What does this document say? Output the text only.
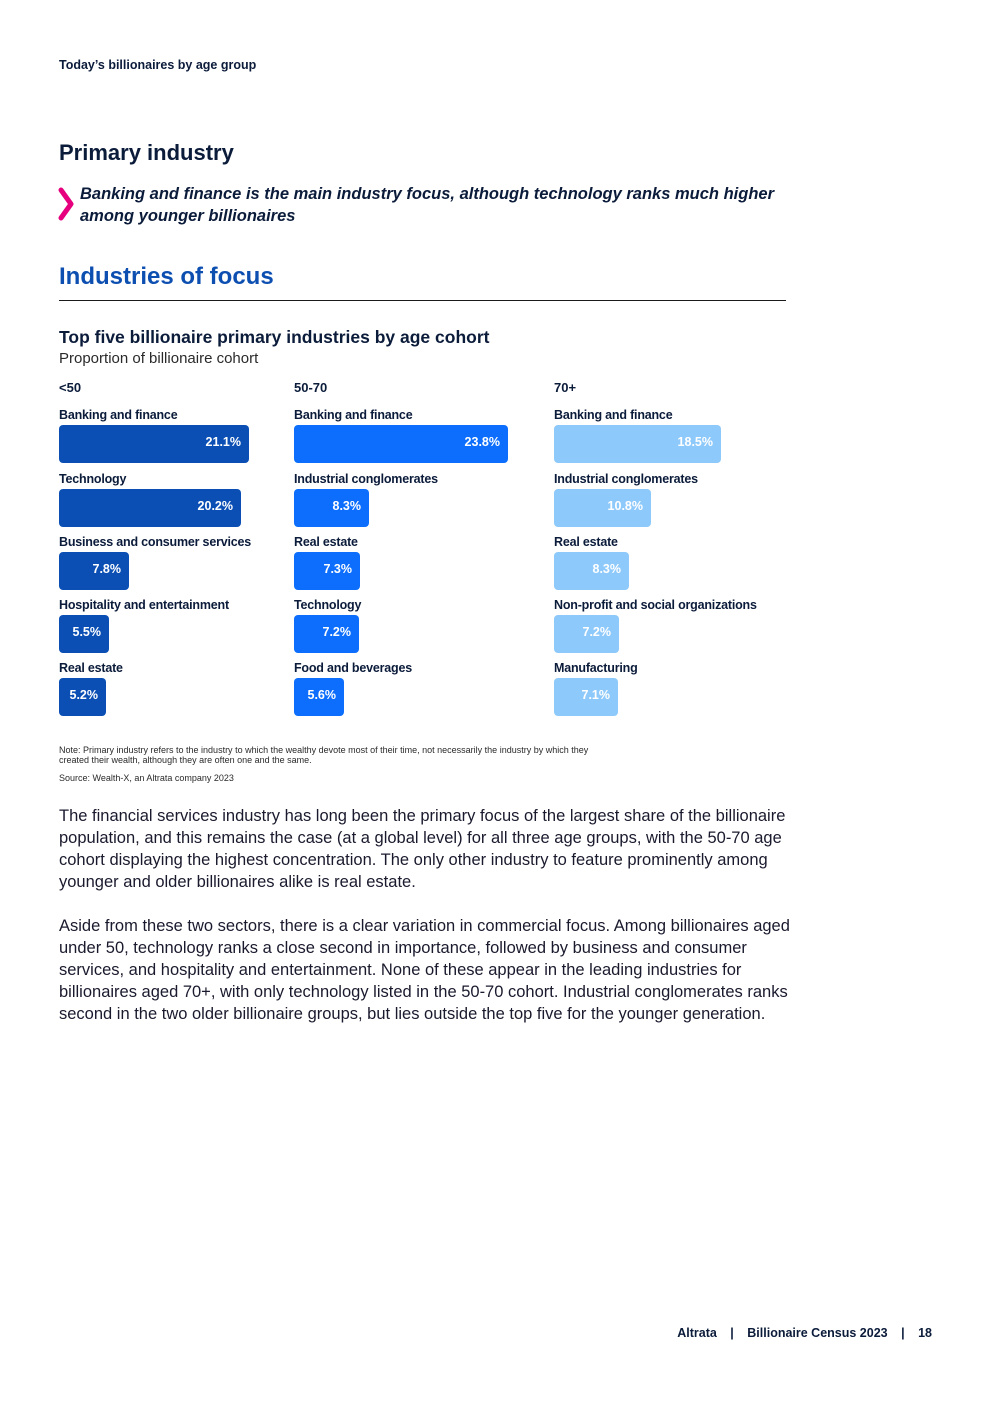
Today’s billionaires by age group
Primary industry
Banking and finance is the main industry focus, although technology ranks much higher among younger billionaires
Industries of focus
Top five billionaire primary industries by age cohort
Proportion of billionaire cohort
<50
Banking and finance
21.1%
Technology
20.2%
Business and consumer services
7.8%
Hospitality and entertainment
5.5%
Real estate
5.2%
50-70
Banking and finance
23.8%
Industrial conglomerates
8.3%
Real estate
7.3%
Technology
7.2%
Food and beverages
5.6%
70+
Banking and finance
18.5%
Industrial conglomerates
10.8%
Real estate
8.3%
Non-profit and social organizations
7.2%
Manufacturing
7.1%
Note: Primary industry refers to the industry to which the wealthy devote most of their time, not necessarily the industry by which they created their wealth, although they are often one and the same.
Source: Wealth-X, an Altrata company 2023
The financial services industry has long been the primary focus of the largest share of the billionaire population, and this remains the case (at a global level) for all three age groups, with the 50-70 age cohort displaying the highest concentration. The only other industry to feature prominently among younger and older billionaires alike is real estate.
Aside from these two sectors, there is a clear variation in commercial focus. Among billionaires aged under 50, technology ranks a close second in importance, followed by business and consumer services, and hospitality and entertainment. None of these appear in the leading industries for billionaires aged 70+, with only technology listed in the 50-70 cohort. Industrial conglomerates ranks second in the two older billionaire groups, but lies outside the top five for the younger generation.
Altrata | Billionaire Census 2023 | 18
